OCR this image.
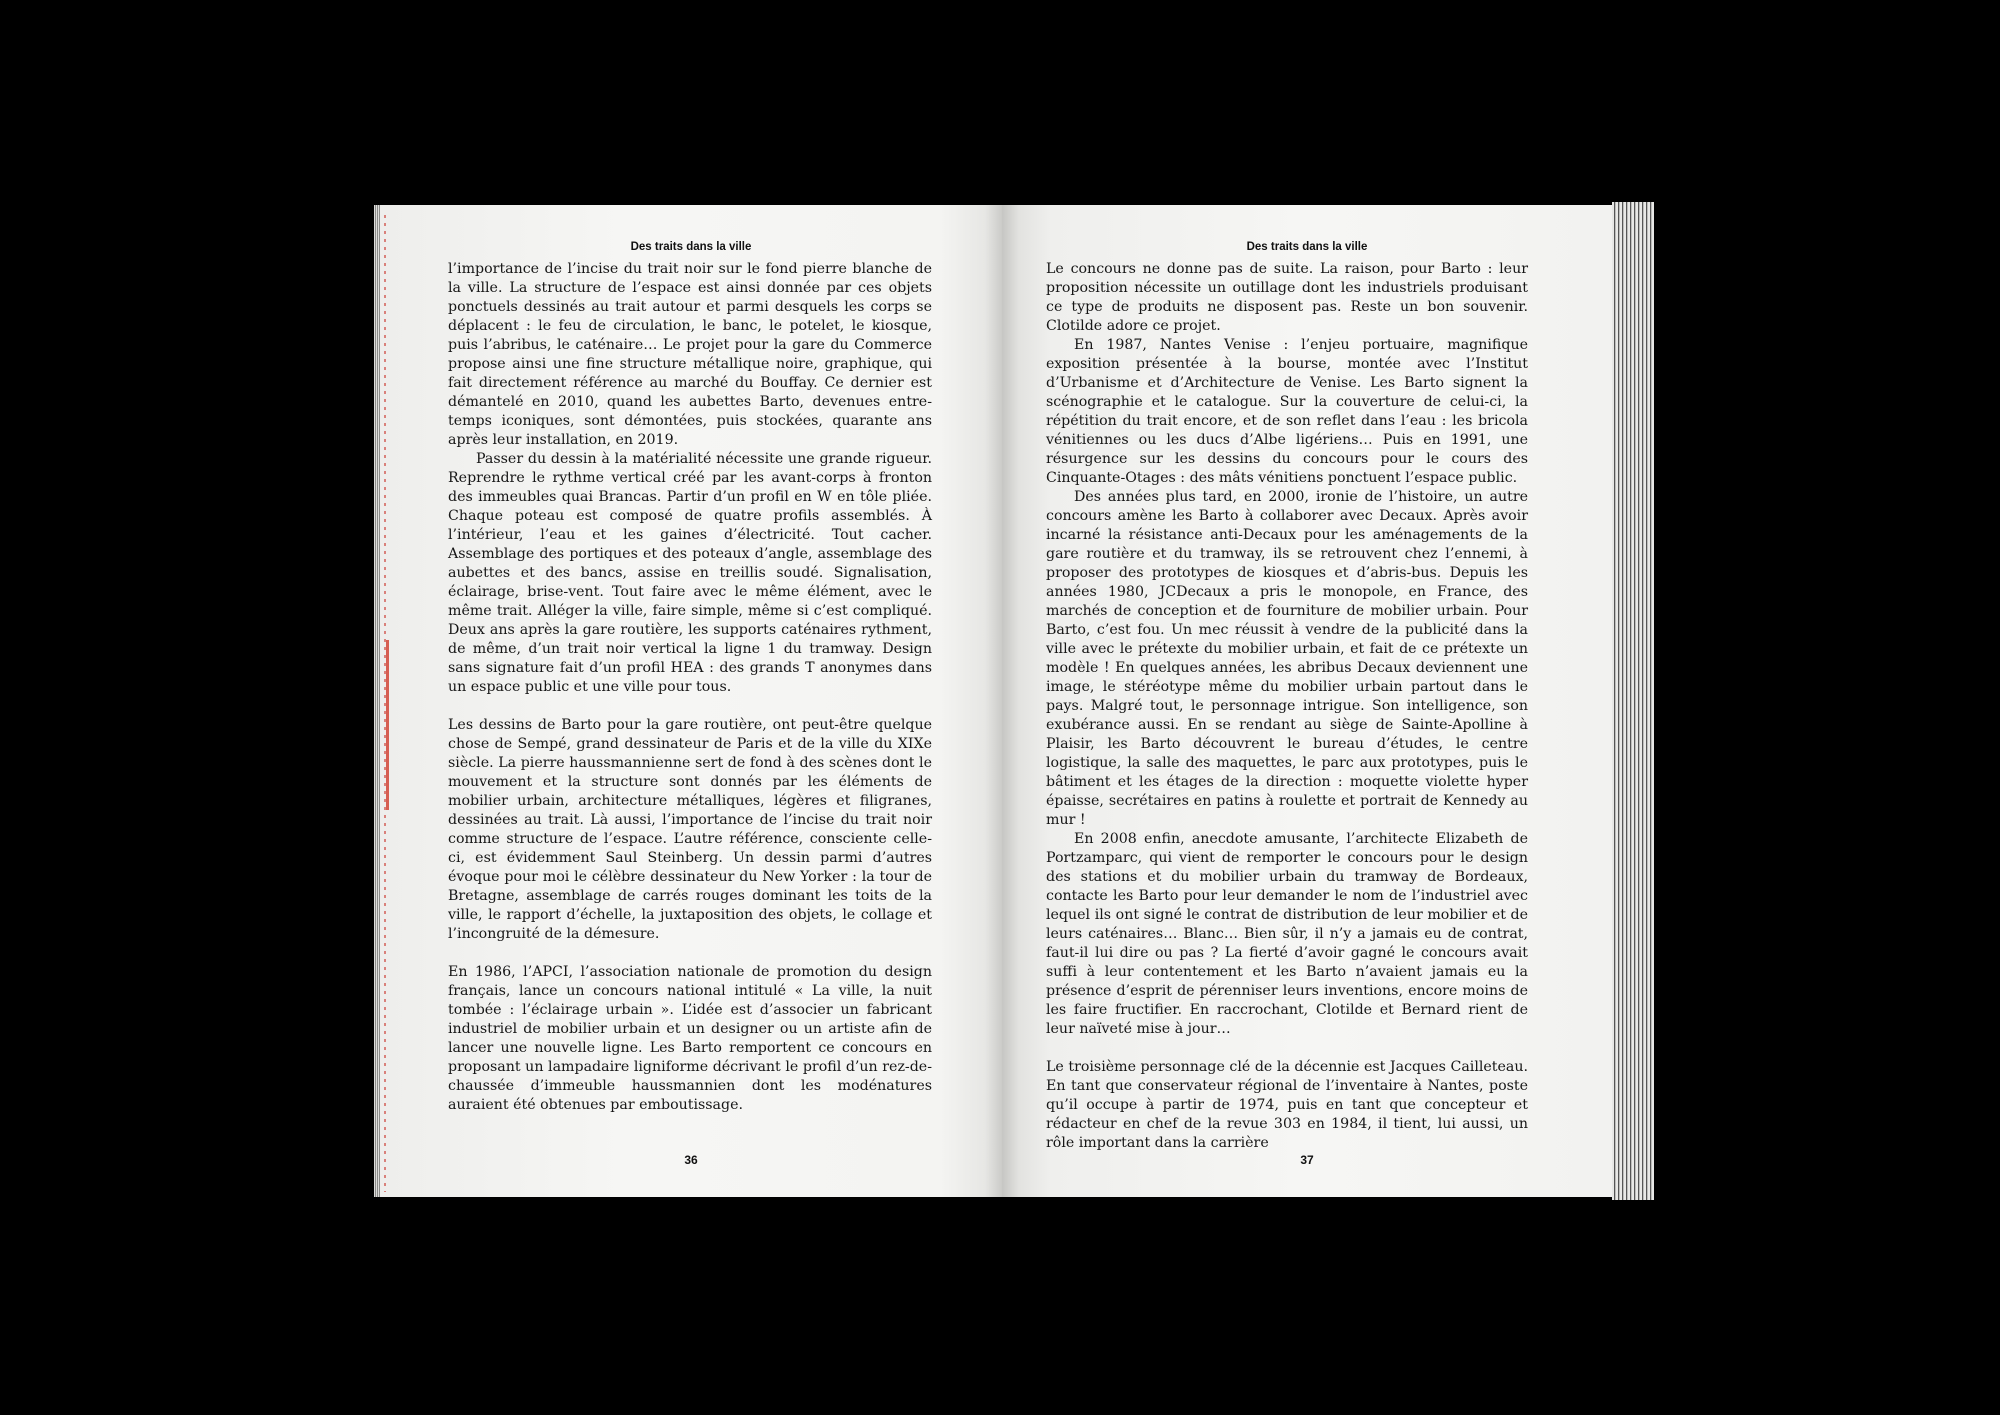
Des traits dans la ville

l’importance de l’incise du trait noir sur le fond pierre blanche de la ville. La structure de l’espace est ainsi donnée par ces objets ponctuels dessinés au trait autour et parmi desquels les corps se déplacent : le feu de circulation, le banc, le potelet, le kiosque, puis l’abribus, le caténaire… Le projet pour la gare du Commerce propose ainsi une fine structure métallique noire, graphique, qui fait directement référence au marché du Bouffay. Ce dernier est démantelé en 2010, quand les aubettes Barto, devenues entre-temps iconiques, sont démontées, puis stockées, quarante ans après leur installation, en 2019.

Passer du dessin à la matérialité nécessite une grande rigueur. Reprendre le rythme vertical créé par les avant-corps à fronton des immeubles quai Brancas. Partir d’un profil en W en tôle pliée. Chaque poteau est composé de quatre profils assemblés. À l’intérieur, l’eau et les gaines d’électricité. Tout cacher. Assemblage des portiques et des poteaux d’angle, assemblage des aubettes et des bancs, assise en treillis soudé. Signalisation, éclairage, brise-vent. Tout faire avec le même élément, avec le même trait. Alléger la ville, faire simple, même si c’est compliqué. Deux ans après la gare routière, les supports caténaires rythment, de même, d’un trait noir vertical la ligne 1 du tramway. Design sans signature fait d’un profil HEA : des grands T anonymes dans un espace public et une ville pour tous.

Les dessins de Barto pour la gare routière, ont peut-être quelque chose de Sempé, grand dessinateur de Paris et de la ville du XIXe siècle. La pierre haussmannienne sert de fond à des scènes dont le mouvement et la structure sont donnés par les éléments de mobilier urbain, architecture métalliques, légères et filigranes, dessinées au trait. Là aussi, l’importance de l’incise du trait noir comme structure de l’espace. L’autre référence, consciente celle-ci, est évidemment Saul Steinberg. Un dessin parmi d’autres évoque pour moi le célèbre dessinateur du New Yorker : la tour de Bretagne, assemblage de carrés rouges dominant les toits de la ville, le rapport d’échelle, la juxtaposition des objets, le collage et l’incongruité de la démesure.

En 1986, l’APCI, l’association nationale de promotion du design français, lance un concours national intitulé « La ville, la nuit tombée : l’éclairage urbain ». L’idée est d’associer un fabricant industriel de mobilier urbain et un designer ou un artiste afin de lancer une nouvelle ligne. Les Barto remportent ce concours en proposant un lampadaire ligniforme décrivant le profil d’un rez-de-chaussée d’immeuble haussmannien dont les modénatures auraient été obtenues par emboutissage.

36
Des traits dans la ville

Le concours ne donne pas de suite. La raison, pour Barto : leur proposition nécessite un outillage dont les industriels produisant ce type de produits ne disposent pas. Reste un bon souvenir. Clotilde adore ce projet.

En 1987, Nantes Venise : l’enjeu portuaire, magnifique exposition présentée à la bourse, montée avec l’Institut d’Urbanisme et d’Architecture de Venise. Les Barto signent la scénographie et le catalogue. Sur la couverture de celui-ci, la répétition du trait encore, et de son reflet dans l’eau : les bricola vénitiennes ou les ducs d’Albe ligériens… Puis en 1991, une résurgence sur les dessins du concours pour le cours des Cinquante-Otages : des mâts vénitiens ponctuent l’espace public.

Des années plus tard, en 2000, ironie de l’histoire, un autre concours amène les Barto à collaborer avec Decaux. Après avoir incarné la résistance anti-Decaux pour les aménagements de la gare routière et du tramway, ils se retrouvent chez l’ennemi, à proposer des prototypes de kiosques et d’abris-bus. Depuis les années 1980, JCDecaux a pris le monopole, en France, des marchés de conception et de fourniture de mobilier urbain. Pour Barto, c’est fou. Un mec réussit à vendre de la publicité dans la ville avec le prétexte du mobilier urbain, et fait de ce prétexte un modèle ! En quelques années, les abribus Decaux deviennent une image, le stéréotype même du mobilier urbain partout dans le pays. Malgré tout, le personnage intrigue. Son intelligence, son exubérance aussi. En se rendant au siège de Sainte-Apolline à Plaisir, les Barto découvrent le bureau d’études, le centre logistique, la salle des maquettes, le parc aux prototypes, puis le bâtiment et les étages de la direction : moquette violette hyper épaisse, secrétaires en patins à roulette et portrait de Kennedy au mur !

En 2008 enfin, anecdote amusante, l’architecte Elizabeth de Portzamparc, qui vient de remporter le concours pour le design des stations et du mobilier urbain du tramway de Bordeaux, contacte les Barto pour leur demander le nom de l’industriel avec lequel ils ont signé le contrat de distribution de leur mobilier et de leurs caténaires… Blanc… Bien sûr, il n’y a jamais eu de contrat, faut-il lui dire ou pas ? La fierté d’avoir gagné le concours avait suffi à leur contentement et les Barto n’avaient jamais eu la présence d’esprit de pérenniser leurs inventions, encore moins de les faire fructifier. En raccrochant, Clotilde et Bernard rient de leur naïveté mise à jour…

Le troisième personnage clé de la décennie est Jacques Cailleteau. En tant que conservateur régional de l’inventaire à Nantes, poste qu’il occupe à partir de 1974, puis en tant que concepteur et rédacteur en chef de la revue 303 en 1984, il tient, lui aussi, un rôle important dans la carrière

37
